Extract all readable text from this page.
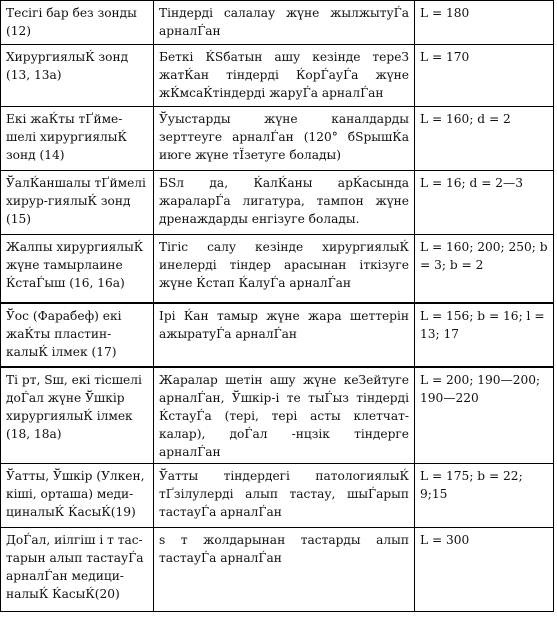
Тесігі бар без зонды (12)	Тіндерді салалау жүне жылжытуЃа арналЃан	L = 180
ХирургиялыЌ зонд (13, 13а)	Беткі ЌЅбатын ашу кезінде тереЗ жатЌан тіндерді ЌорЃауЃа жүне жЌмсаЌтіндерді жаруЃа арналЃан	L = 170
Екі жаЌты тҐйме-шелі хирургиялыЌ зонд (14)	Ўуыстарды жүне каналдарды зерттеуге арналЃан (120° бЅрышЌа июге жүне тЇзетуге болады)	L = 160; d = 2
ЎалЌаншалы тҐймелі хирур-гиялыЌ зонд (15)	БЅл да, ЌалЌаны арЌасында жараларЃа лигатура, тампон жүне дренаждарды енгізуге болады.	L = 16; d = 2—3
Жалпы хирургиялыЌ жүне тамырлаине ЌстаЃыш (16, 16а)	Тігіс салу кезінде хирургиялыЌ инелерді тіндер арасынан іткізуге жүне Ќстап ЌалуЃа арналЃан	L = 160; 200; 250; b = 3; b = 2
Ўос (Фарабеф) екі жаЌты пластин-калыЌ ілмек (17)	Ірі Ќан тамыр жүне жара шеттерін ажыратуЃа арналЃан	L = 156; b = 16; l = 13; 17
Ті рт, Ѕш, екі тісшелі доЃал жүне Ўшкір хирургиялыЌ ілмек (18, 18а)	Жаралар шетін ашу жүне кеЗейтуге арналЃан, Ўшкір-і те тыЃыз тіндерді ЌстауЃа (тері, тері асты клетчат-калар), доЃал -нцзік тіндерге арналЃан	L = 200; 190—200; 190—220
Ўатты, Ўшкір (Улкен, кіші, орташа) меди-циналыЌ ЌасыЌ(19)	Ўатты тіндердегі патологиялыЌ тҐзілулерді алып тастау, шыЃарып тастауЃа арналЃан	L = 175; b = 22; 9;15
ДоЃал, иілгіш і т тас-тарын алып тастауЃа арналЃан медици-налыЌ ЌасыЌ(20)	s т жолдарынан тастарды алып тастауЃа арналЃан	L = 300
